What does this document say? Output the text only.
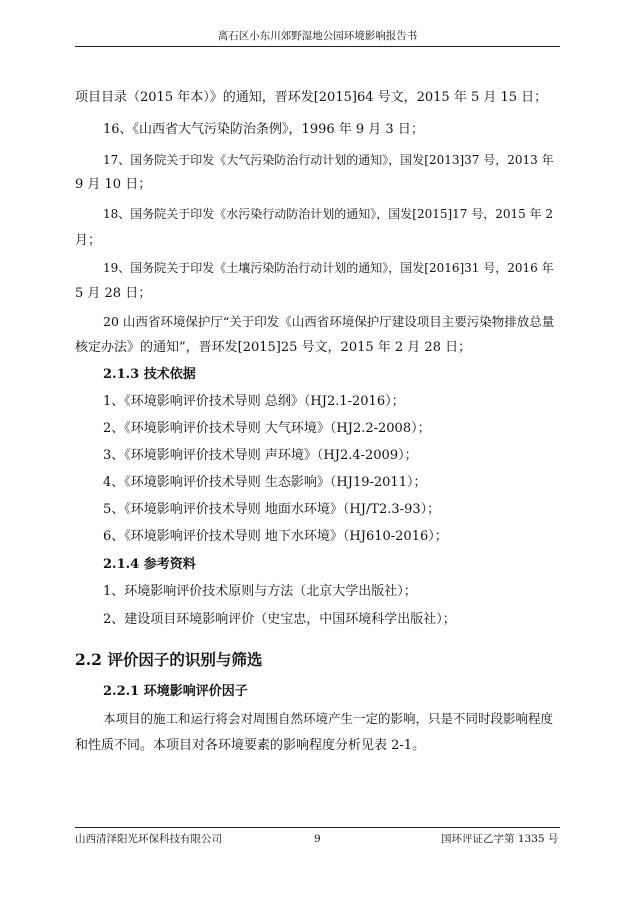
离石区小东川郊野湿地公园环境影响报告书
项目目录（2015 年本）》的通知，晋环发[2015]64 号文，2015 年 5 月 15 日；
16、《山西省大气污染防治条例》，1996 年 9 月 3 日；
17、国务院关于印发《大气污染防治行动计划的通知》，国发[2013]37 号，2013 年
9 月 10 日；
18、国务院关于印发《水污染行动防治计划的通知》，国发[2015]17 号，2015 年 2
月；
19、国务院关于印发《土壤污染防治行动计划的通知》，国发[2016]31 号，2016 年
5 月 28 日；
20 山西省环境保护厅“关于印发《山西省环境保护厅建设项目主要污染物排放总量
核定办法》的通知”，晋环发[2015]25 号文，2015 年 2 月 28 日；
2.1.3 技术依据
1、《环境影响评价技术导则 总纲》（HJ2.1-2016）；
2、《环境影响评价技术导则 大气环境》（HJ2.2-2008）；
3、《环境影响评价技术导则 声环境》（HJ2.4-2009）；
4、《环境影响评价技术导则 生态影响》（HJ19-2011）；
5、《环境影响评价技术导则 地面水环境》（HJ/T2.3-93）；
6、《环境影响评价技术导则 地下水环境》（HJ610-2016）；
2.1.4 参考资料
1、环境影响评价技术原则与方法（北京大学出版社）；
2、建设项目环境影响评价（史宝忠，中国环境科学出版社）；
2.2 评价因子的识别与筛选
2.2.1 环境影响评价因子
本项目的施工和运行将会对周围自然环境产生一定的影响，只是不同时段影响程度
和性质不同。本项目对各环境要素的影响程度分析见表 2-1。
山西清泽阳光环保科技有限公司	9	国环评证乙字第 1335 号
